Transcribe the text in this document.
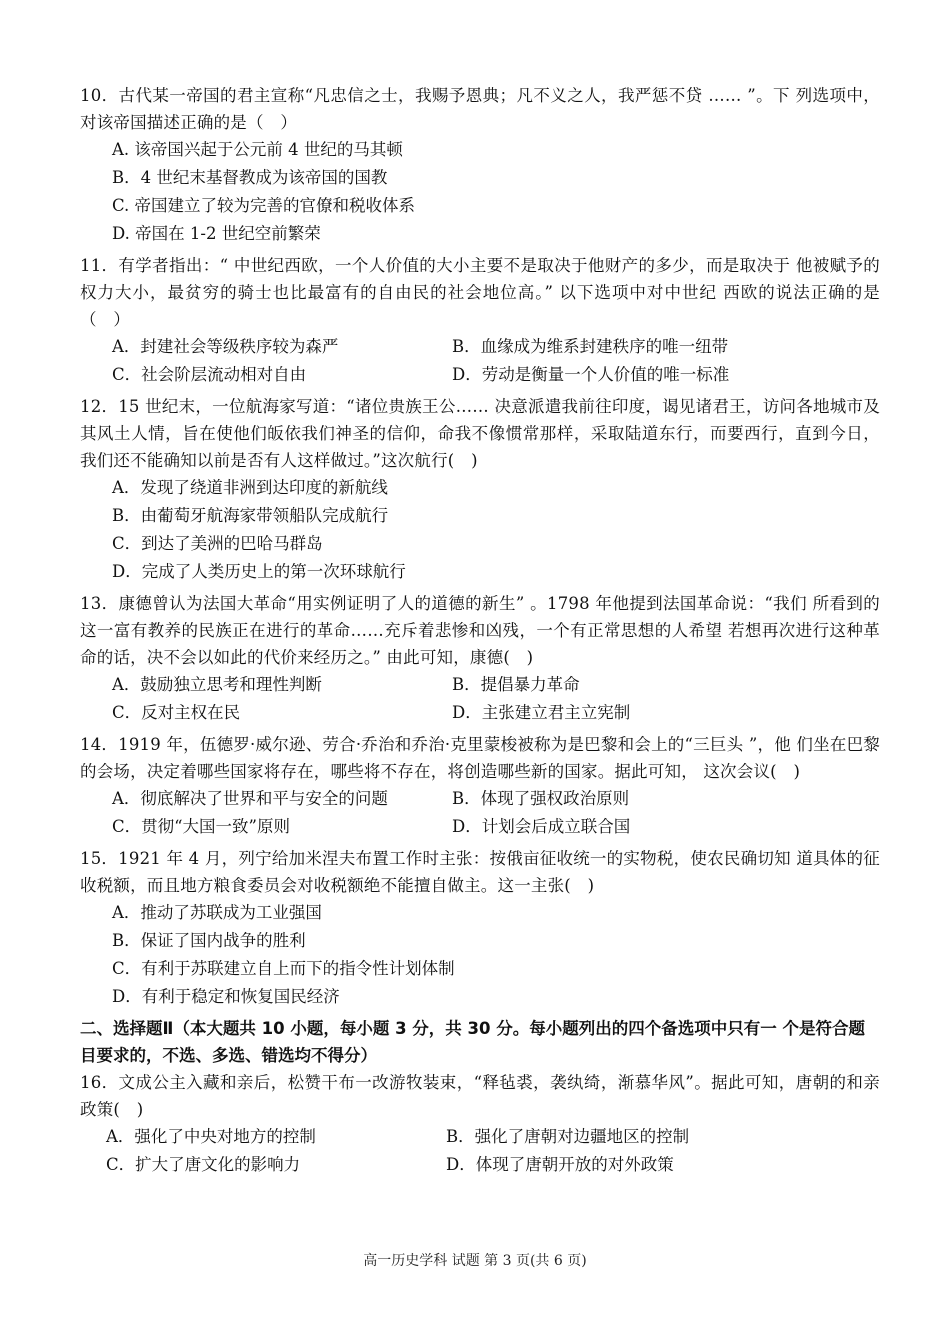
10．古代某一帝国的君主宣称“凡忠信之士，我赐予恩典；凡不义之人，我严惩不贷 …… ”。下 列选项中，对该帝国描述正确的是（　）

A. 该帝国兴起于公元前 4 世纪的马其顿
B．4 世纪末基督教成为该帝国的国教
C. 帝国建立了较为完善的官僚和税收体系
D. 帝国在 1-2 世纪空前繁荣

11．有学者指出：“ 中世纪西欧，一个人价值的大小主要不是取决于他财产的多少，而是取决于 他被赋予的权力大小，最贫穷的骑士也比最富有的自由民的社会地位高。” 以下选项中对中世纪 西欧的说法正确的是（　）

A．封建社会等级秩序较为森严	B．血缘成为维系封建秩序的唯一纽带
C．社会阶层流动相对自由	D．劳动是衡量一个人价值的唯一标准

12．15 世纪末，一位航海家写道：“诸位贵族王公…… 决意派遣我前往印度，谒见诸君王，访问各地城市及其风土人情，旨在使他们皈依我们神圣的信仰，命我不像惯常那样，采取陆道东行，而要西行，直到今日，我们还不能确知以前是否有人这样做过。”这次航行(　)

A．发现了绕道非洲到达印度的新航线
B．由葡萄牙航海家带领船队完成航行
C．到达了美洲的巴哈马群岛
D．完成了人类历史上的第一次环球航行

13．康德曾认为法国大革命“用实例证明了人的道德的新生” 。1798 年他提到法国革命说：“我们 所看到的这一富有教养的民族正在进行的革命……充斥着悲惨和凶残，一个有正常思想的人希望 若想再次进行这种革命的话，决不会以如此的代价来经历之。” 由此可知，康德(　)

A．鼓励独立思考和理性判断	B．提倡暴力革命
C．反对主权在民	D．主张建立君主立宪制

14．1919 年，伍德罗·威尔逊、劳合·乔治和乔治·克里蒙梭被称为是巴黎和会上的“三巨头 ”，他 们坐在巴黎的会场，决定着哪些国家将存在，哪些将不存在，将创造哪些新的国家。据此可知， 这次会议(　)

A．彻底解决了世界和平与安全的问题	B．体现了强权政治原则
C．贯彻“大国一致”原则	D．计划会后成立联合国

15．1921 年 4 月，列宁给加米涅夫布置工作时主张：按俄亩征收统一的实物税，使农民确切知 道具体的征收税额，而且地方粮食委员会对收税额绝不能擅自做主。这一主张(　)

A．推动了苏联成为工业强国
B．保证了国内战争的胜利
C．有利于苏联建立自上而下的指令性计划体制
D．有利于稳定和恢复国民经济

二、选择题Ⅱ（本大题共 10 小题，每小题 3 分，共 30 分。每小题列出的四个备选项中只有一 个是符合题目要求的，不选、多选、错选均不得分）

16．文成公主入藏和亲后，松赞干布一改游牧装束，“释毡裘，袭纨绮，渐慕华风”。据此可知，唐朝的和亲政策(　)

A．强化了中央对地方的控制	B．强化了唐朝对边疆地区的控制
C．扩大了唐文化的影响力	D．体现了唐朝开放的对外政策
高一历史学科 试题 第 3 页(共 6 页)
